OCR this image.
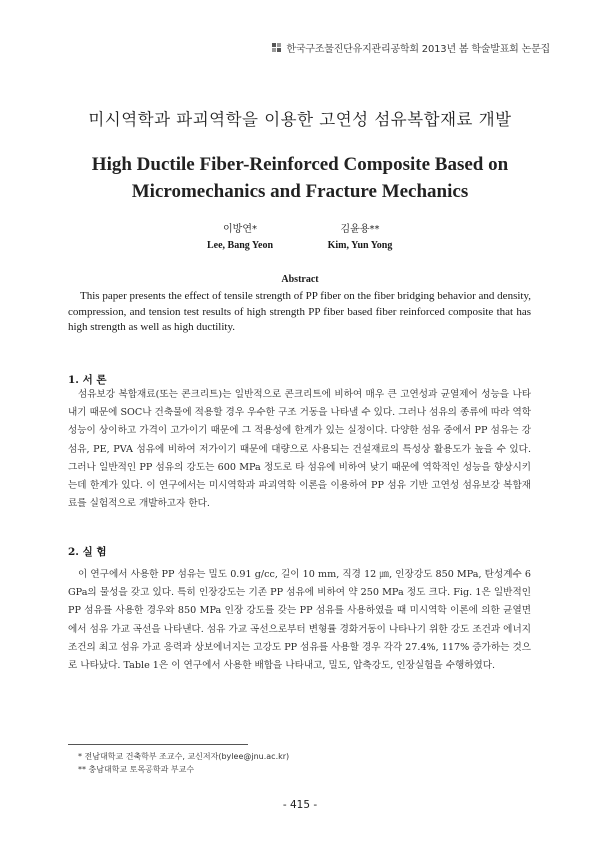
한국구조물진단유지관리공학회 2013년 봄 학술발표회 논문집
미시역학과 파괴역학을 이용한 고연성 섬유복합재료 개발
High Ductile Fiber-Reinforced Composite Based on
Micromechanics and Fracture Mechanics
이방연*
Lee, Bang Yeon
김윤용**
Kim, Yun Yong
Abstract
This paper presents the effect of tensile strength of PP fiber on the fiber bridging behavior and density, compression, and tension test results of high strength PP fiber based fiber reinforced composite that has high strength as well as high ductility.
1. 서 론
섬유보강 복합재료(또는 콘크리트)는 일반적으로 콘크리트에 비하여 매우 큰 고연성과 균열제어 성능을 나타내기 때문에 SOC나 건축물에 적용할 경우 우수한 구조 거동을 나타낼 수 있다. 그러나 섬유의 종류에 따라 역학 성능이 상이하고 가격이 고가이기 때문에 그 적용성에 한계가 있는 실정이다. 다양한 섬유 중에서 PP 섬유는 강섬유, PE, PVA 섬유에 비하여 저가이기 때문에 대량으로 사용되는 건설재료의 특성상 활용도가 높을 수 있다. 그러나 일반적인 PP 섬유의 강도는 600 MPa 정도로 타 섬유에 비하여 낮기 때문에 역학적인 성능을 향상시키는데 한계가 있다. 이 연구에서는 미시역학과 파괴역학 이론을 이용하여 PP 섬유 기반 고연성 섬유보강 복합재료를 실험적으로 개발하고자 한다.
2. 실 험
이 연구에서 사용한 PP 섬유는 밀도 0.91 g/cc, 길이 10 mm, 직경 12 ㎛, 인장강도 850 MPa, 탄성계수 6 GPa의 물성을 갖고 있다. 특히 인장강도는 기존 PP 섬유에 비하여 약 250 MPa 정도 크다. Fig. 1은 일반적인 PP 섬유를 사용한 경우와 850 MPa 인장 강도를 갖는 PP 섬유를 사용하였을 때 미시역학 이론에 의한 균열면에서 섬유 가교 곡선을 나타낸다. 섬유 가교 곡선으로부터 변형률 경화거동이 나타나기 위한 강도 조건과 에너지 조건의 최고 섬유 가교 응력과 상보에너지는 고강도 PP 섬유를 사용할 경우 각각 27.4%, 117% 증가하는 것으로 나타났다. Table 1은 이 연구에서 사용한 배합을 나타내고, 밀도, 압축강도, 인장실험을 수행하였다.
* 전남대학교 건축학부 조교수, 교신저자(bylee@jnu.ac.kr)
** 충남대학교 토목공학과 부교수
- 415 -
